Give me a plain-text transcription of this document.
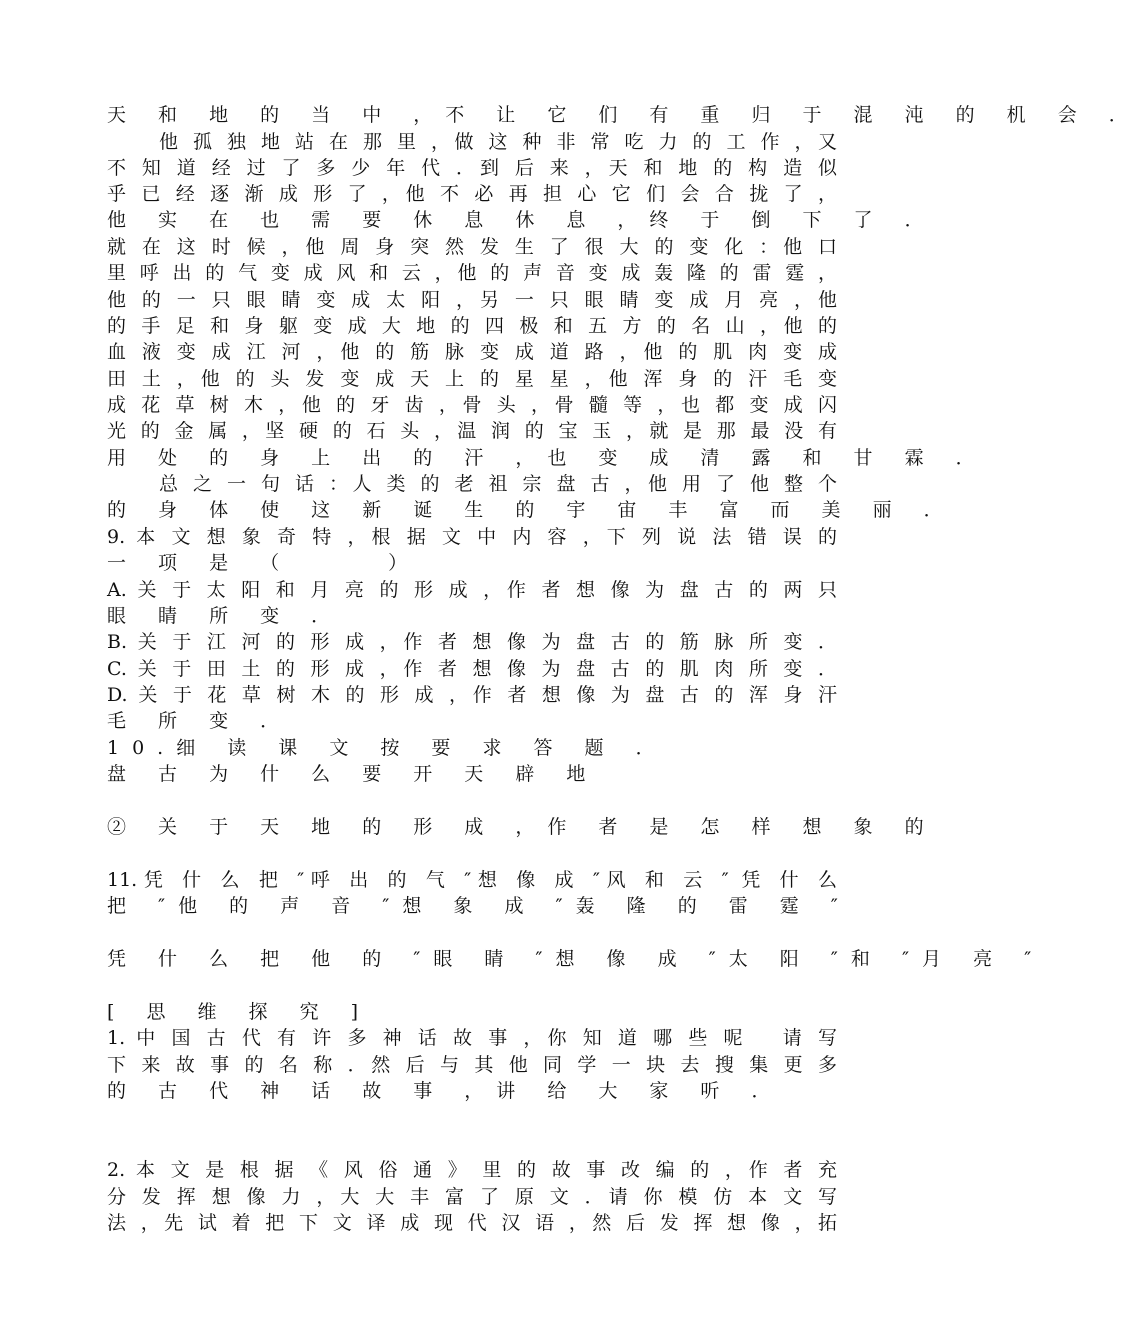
天 和 地 的 当 中 ，不 让 它 们 有 重 归 于 混 沌 的 机 会 ．
他 孤 独 地 站 在 那 里 ，做 这 种 非 常 吃 力 的 工 作 ，又
不 知 道 经 过 了 多 少 年 代 ．到 后 来 ，天 和 地 的 构 造 似
乎 已 经 逐 渐 成 形 了 ，他 不 必 再 担 心 它 们 会 合 拢 了 ，
他 实 在 也 需 要 休 息 休 息 ，终 于 倒 下 了 ．
就 在 这 时 候 ，他 周 身 突 然 发 生 了 很 大 的 变 化 ：他 口
里 呼 出 的 气 变 成 风 和 云 ，他 的 声 音 变 成 轰 隆 的 雷 霆 ，
他 的 一 只 眼 睛 变 成 太 阳 ，另 一 只 眼 睛 变 成 月 亮 ，他
的 手 足 和 身 躯 变 成 大 地 的 四 极 和 五 方 的 名 山 ，他 的
血 液 变 成 江 河 ，他 的 筋 脉 变 成 道 路 ，他 的 肌 肉 变 成
田 土 ，他 的 头 发 变 成 天 上 的 星 星 ，他 浑 身 的 汗 毛 变
成 花 草 树 木 ，他 的 牙 齿 ，骨 头 ，骨 髓 等 ，也 都 变 成 闪
光 的 金 属 ，坚 硬 的 石 头 ，温 润 的 宝 玉 ，就 是 那 最 没 有
用 处 的 身 上 出 的 汗 ，也 变 成 清 露 和 甘 霖 ．
总 之 一 句 话 ：人 类 的 老 祖 宗 盘 古 ，他 用 了 他 整 个
的 身 体 使 这 新 诞 生 的 宇 宙 丰 富 而 美 丽 ．
9. 本 文 想 象 奇 特 ，根 据 文 中 内 容 ，下 列 说 法 错 误 的
一 项 是 （　　　）
A. 关 于 太 阳 和 月 亮 的 形 成 ，作 者 想 像 为 盘 古 的 两 只
眼 睛 所 变 ．
B. 关 于 江 河 的 形 成 ，作 者 想 像 为 盘 古 的 筋 脉 所 变 ．
C. 关 于 田 土 的 形 成 ，作 者 想 像 为 盘 古 的 肌 肉 所 变 ．
D. 关 于 花 草 树 木 的 形 成 ，作 者 想 像 为 盘 古 的 浑 身 汗
毛 所 变 ．
10.细 读 课 文 按 要 求 答 题 ．
盘 古 为 什 么 要 开 天 辟 地
② 关 于 天 地 的 形 成 ，作 者 是 怎 样 想 象 的
11.凭 什 么 把 ″呼 出 的 气 ″想 像 成 ″风 和 云 ″ 凭 什 么
把 ″他 的 声 音 ″想 象 成 ″轰 隆 的 雷 霆 ″
凭 什 么 把 他 的 ″眼 睛 ″想 像 成 ″太 阳 ″和 ″月 亮 ″
[ 思 维 探 究 ]
1. 中 国 古 代 有 许 多 神 话 故 事 ，你 知 道 哪 些 呢 　请 写
下 来 故 事 的 名 称 ．然 后 与 其 他 同 学 一 块 去 搜 集 更 多
的 古 代 神 话 故 事 ，讲 给 大 家 听 ．
2. 本 文 是 根 据 《 风 俗 通 》 里 的 故 事 改 编 的 ，作 者 充
分 发 挥 想 像 力 ，大 大 丰 富 了 原 文 ．请 你 模 仿 本 文 写
法 ，先 试 着 把 下 文 译 成 现 代 汉 语 ，然 后 发 挥 想 像 ，拓
